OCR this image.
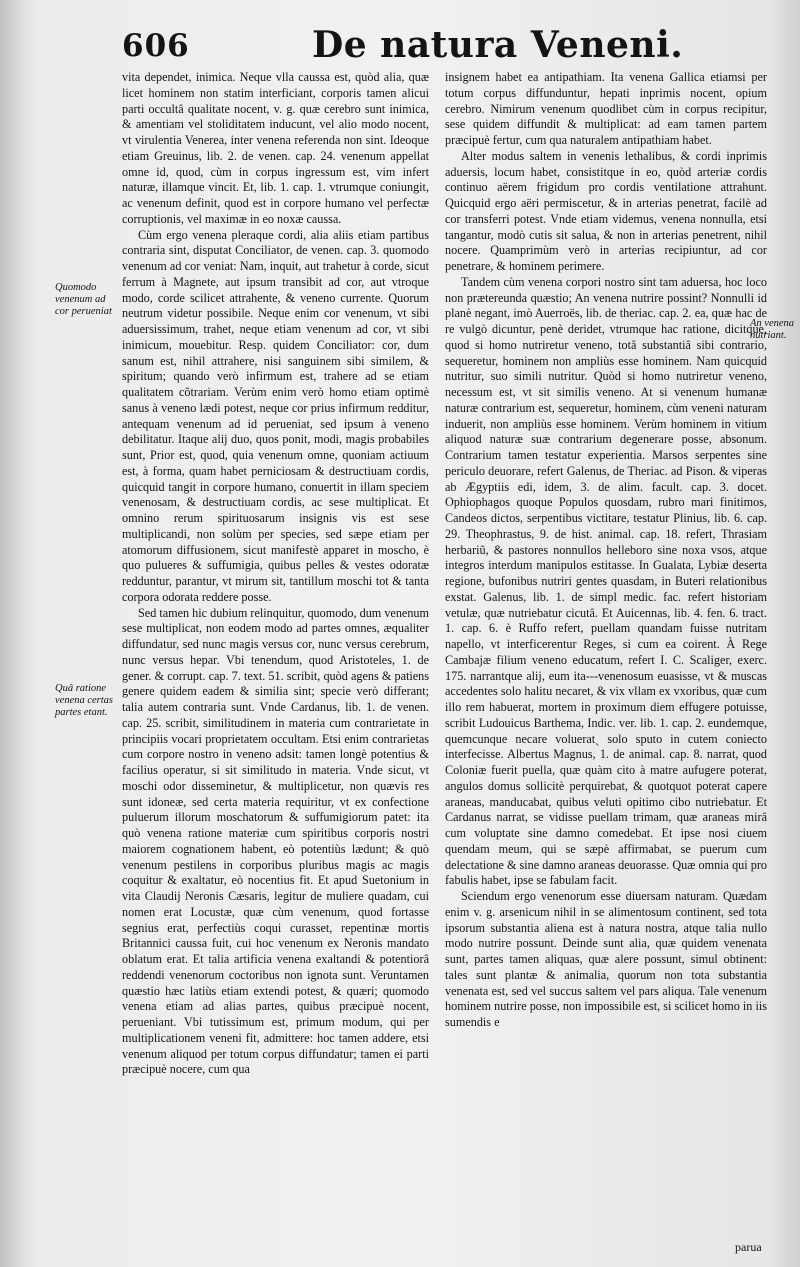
606	De natura Veneni.
Quomodo venenum ad cor perueniat
Quâ ratione venena certas partes etant.
An venena nutriant.

vita dependet, inimica. Neque vlla caussa est, quòd alia, quæ licet hominem non statim interficiant, corporis tamen alicui parti occultâ qualitate nocent, v. g. quæ cerebro sunt inimica, & amentiam vel stoliditatem inducunt, vel alio modo nocent, vt virulentia Venerea, inter venena referenda non sint. Ideoque etiam Greuinus, lib. 2. de venen. cap. 24. venenum appellat omne id, quod, cùm in corpus ingressum est, vim infert naturæ, illamque vincit. Et, lib. 1. cap. 1. vtrumque coniungit, ac venenum definit, quod est in corpore humano vel perfectæ corruptionis, vel maximæ in eo noxæ caussa.

Cùm ergo venena pleraque cordi, alia aliis etiam partibus contraria sint, disputat Conciliator, de venen. cap. 3. quomodo venenum ad cor veniat: Nam, inquit, aut trahetur à corde, sicut ferrum à Magnete, aut ipsum transibit ad cor, aut vtroque modo, corde scilicet attrahente, & veneno currente. Quorum neutrum videtur possibile. Neque enim cor venenum, vt sibi aduersissimum, trahet, neque etiam venenum ad cor, vt sibi inimicum, mouebitur. Resp. quidem Conciliator: cor, dum sanum est, nihil attrahere, nisi sanguinem sibi similem, & spiritum; quando verò infirmum est, trahere ad se etiam qualitatem cõtrariam. Verùm enim verò homo etiam optimè sanus à veneno lædi potest, neque cor prius infirmum redditur, antequam venenum ad id perueniat, sed ipsum à veneno debilitatur. Itaque alij duo, quos ponit, modi, magis probabiles sunt, Prior est, quod, quia venenum omne, quoniam actiuum est, à forma, quam habet perniciosam & destructiuam cordis, quicquid tangit in corpore humano, conuertit in illam speciem venenosam, & destructiuam cordis, ac sese multiplicat. Et omnino rerum spirituosarum insignis vis est sese multiplicandi, non solùm per species, sed sæpe etiam per atomorum diffusionem, sicut manifestè apparet in moscho, è quo pulueres & suffumigia, quibus pelles & vestes odoratæ redduntur, parantur, vt mirum sit, tantillum moschi tot & tanta corpora odorata reddere posse.

Sed tamen hic dubium relinquitur, quomodo, dum venenum sese multiplicat, non eodem modo ad partes omnes, æqualiter diffundatur, sed nunc magis versus cor, nunc versus cerebrum, nunc versus hepar. Vbi tenendum, quod Aristoteles, 1. de gener. & corrupt. cap. 7. text. 51. scribit, quòd agens & patiens genere quidem eadem & similia sint; specie verò differant; talia autem contraria sunt. Vnde Cardanus, lib. 1. de venen. cap. 25. scribit, similitudinem in materia cum contrarietate in principiis vocari proprietatem occultam. Etsi enim contrarietas cum corpore nostro in veneno adsit: tamen longè potentius & facilius operatur, si sit similitudo in materia. Vnde sicut, vt moschi odor disseminetur, & multiplicetur, non quævis res sunt idoneæ, sed certa materia requiritur, vt ex confectione puluerum illorum moschatorum & suffumigiorum patet: ita quò venena ratione materiæ cum spiritibus corporis nostri maiorem cognationem habent, eò potentiùs lædunt; & quò venenum pestilens in corporibus pluribus magis ac magis coquitur & exaltatur, eò nocentius fit. Et apud Suetonium in vita Claudij Neronis Cæsaris, legitur de muliere quadam, cui nomen erat Locustæ, quæ cùm venenum, quod fortasse segnius erat, perfectiùs coqui curasset, repentinæ mortis Britannici caussa fuit, cui hoc venenum ex Neronis mandato oblatum erat. Et talia artificia venena exaltandi & potentiorâ reddendi venenorum coctoribus non ignota sunt. Veruntamen quæstio hæc latiùs etiam extendi potest, & quæri; quomodo venena etiam ad alias partes, quibus præcipuè nocent, perueniant. Vbi tutissimum est, primum modum, qui per multiplicationem veneni fit, admittere: hoc tamen addere, etsi venenum aliquod per totum corpus diffundatur; tamen ei parti præcipuè nocere, cum qua

insignem habet ea antipathiam. Ita venena Gallica etiamsi per totum corpus diffunduntur, hepati inprimis nocent, opium cerebro. Nimirum venenum quodlibet cùm in corpus recipitur, sese quidem diffundit & multiplicat: ad eam tamen partem præcipuè fertur, cum qua naturalem antipathiam habet.

Alter modus saltem in venenis lethalibus, & cordi inprimis aduersis, locum habet, consistitque in eo, quòd arteriæ cordis continuo aërem frigidum pro cordis ventilatione attrahunt. Quicquid ergo aëri permiscetur, & in arterias penetrat, facilè ad cor transferri potest. Vnde etiam videmus, venena nonnulla, etsi tangantur, modò cutis sit salua, & non in arterias penetrent, nihil nocere. Quamprimùm verò in arterias recipiuntur, ad cor penetrare, & hominem perimere.

Tandem cùm venena corpori nostro sint tam aduersa, hoc loco non prætereunda quæstio; An venena nutrire possint? Nonnulli id planè negant, imò Auerroës, lib. de theriac. cap. 2. ea, quæ hac de re vulgò dicuntur, penè deridet, vtrumque hac ratione, dicitque, quod si homo nutriretur veneno, totâ substantiâ sibi contrario, sequeretur, hominem non ampliùs esse hominem. Nam quicquid nutritur, suo simili nutritur. Quòd si homo nutriretur veneno, necessum est, vt sit similis veneno. At si venenum humanæ naturæ contrarium est, sequeretur, hominem, cùm veneni naturam induerit, non ampliùs esse hominem. Verùm hominem in vitium aliquod naturæ suæ contrarium degenerare posse, absonum. Contrarium tamen testatur experientia. Marsos serpentes sine periculo deuorare, refert Galenus, de Theriac. ad Pison. & viperas ab Ægyptiis edi, idem, 3. de alim. facult. cap. 3. docet. Ophiophagos quoque Populos quosdam, rubro mari finitimos, Candeos dictos, serpentibus victitare, testatur Plinius, lib. 6. cap. 29. Theophrastus, 9. de hist. animal. cap. 18. refert, Thrasiam herbariũ, & pastores nonnullos helleboro sine noxa vsos, atque integros interdum manipulos estitasse. In Gualata, Lybiæ deserta regione, bufonibus nutriri gentes quasdam, in Buteri relationibus exstat. Galenus, lib. 1. de simpl medic. fac. refert historiam vetulæ, quæ nutriebatur cicutâ. Et Auicennas, lib. 4. fen. 6. tract. 1. cap. 6. è Ruffo refert, puellam quandam fuisse nutritam napello, vt interficerentur Reges, si cum ea coirent. À Rege Cambajæ filium veneno educatum, refert I. C. Scaliger, exerc. 175. narrantque alij, eum ita---venenosum euasisse, vt & muscas accedentes solo halitu necaret, & vix vllam ex vxoribus, quæ cum illo rem habuerat, mortem in proximum diem effugere potuisse, scribit Ludouicus Barthema, Indic. ver. lib. 1. cap. 2. eundemque, quemcunque necare volueratˏ solo sputo in cutem coniecto interfecisse. Albertus Magnus, 1. de animal. cap. 8. narrat, quod Coloniæ fuerit puella, quæ quàm cito à matre aufugere poterat, angulos domus sollicitè perquirebat, & quotquot poterat capere araneas, manducabat, quibus veluti opitimo cibo nutriebatur. Et Cardanus narrat, se vidisse puellam trimam, quæ araneas mirâ cum voluptate sine damno comedebat. Et ipse nosi ciuem quendam meum, qui se sæpè affirmabat, se puerum cum delectatione & sine damno araneas deuorasse. Quæ omnia qui pro fabulis habet, ipse se fabulam facit.

Sciendum ergo venenorum esse diuersam naturam. Quædam enim v. g. arsenicum nihil in se alimentosum continent, sed tota ipsorum substantia aliena est à natura nostra, atque talia nullo modo nutrire possunt. Deinde sunt alia, quæ quidem venenata sunt, partes tamen aliquas, quæ alere possunt, simul obtinent: tales sunt plantæ & animalia, quorum non tota substantia venenata est, sed vel succus saltem vel pars aliqua. Tale venenum hominem nutrire posse, non impossibile est, si scilicet homo in iis sumendis e

parua
